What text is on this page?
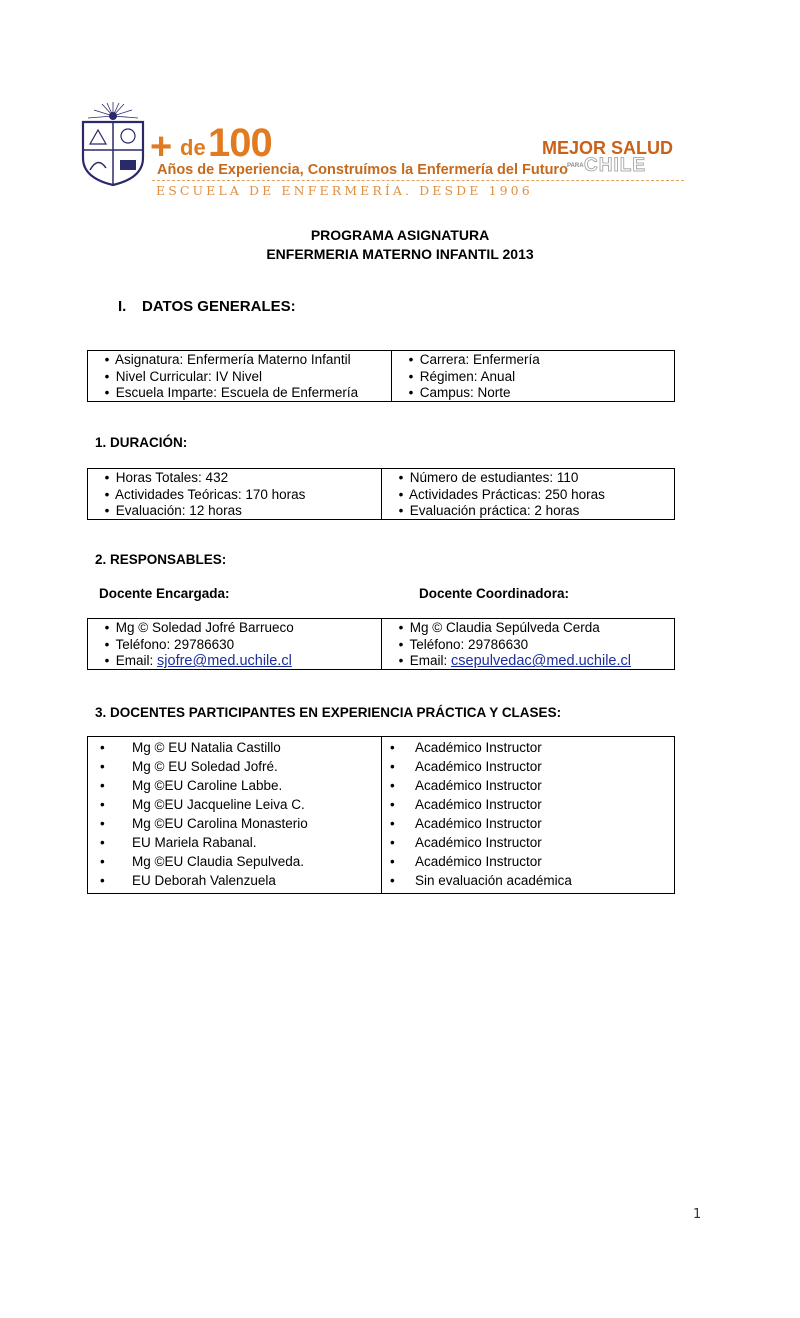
+ de 100
Años de Experiencia, Construímos la Enfermería del Futuro
MEJOR SALUD
PARA CHILE
ESCUELA DE ENFERMERÍA. DESDE 1906
PROGRAMA ASIGNATURA
ENFERMERIA MATERNO INFANTIL 2013
I. DATOS GENERALES:
• Asignatura: Enfermería Materno Infantil
• Nivel Curricular: IV Nivel
• Escuela Imparte: Escuela de Enfermería
• Carrera: Enfermería
• Régimen: Anual
• Campus: Norte
1. DURACIÓN:
• Horas Totales: 432
• Actividades Teóricas: 170 horas
• Evaluación: 12 horas
• Número de estudiantes: 110
• Actividades Prácticas: 250 horas
• Evaluación práctica: 2 horas
2. RESPONSABLES:
Docente Encargada:	Docente Coordinadora:
• Mg © Soledad Jofré Barrueco
• Teléfono: 29786630
• Email: sjofre@med.uchile.cl
• Mg © Claudia Sepúlveda Cerda
• Teléfono: 29786630
• Email: csepulvedac@med.uchile.cl
3. DOCENTES PARTICIPANTES EN EXPERIENCIA PRÁCTICA Y CLASES:
• Mg © EU Natalia Castillo
• Mg © EU Soledad Jofré.
• Mg ©EU Caroline Labbe.
• Mg ©EU Jacqueline Leiva C.
• Mg ©EU Carolina Monasterio
• EU Mariela Rabanal.
• Mg ©EU Claudia Sepulveda.
• EU Deborah Valenzuela
• Académico Instructor
• Académico Instructor
• Académico Instructor
• Académico Instructor
• Académico Instructor
• Académico Instructor
• Académico Instructor
• Sin evaluación académica
1
